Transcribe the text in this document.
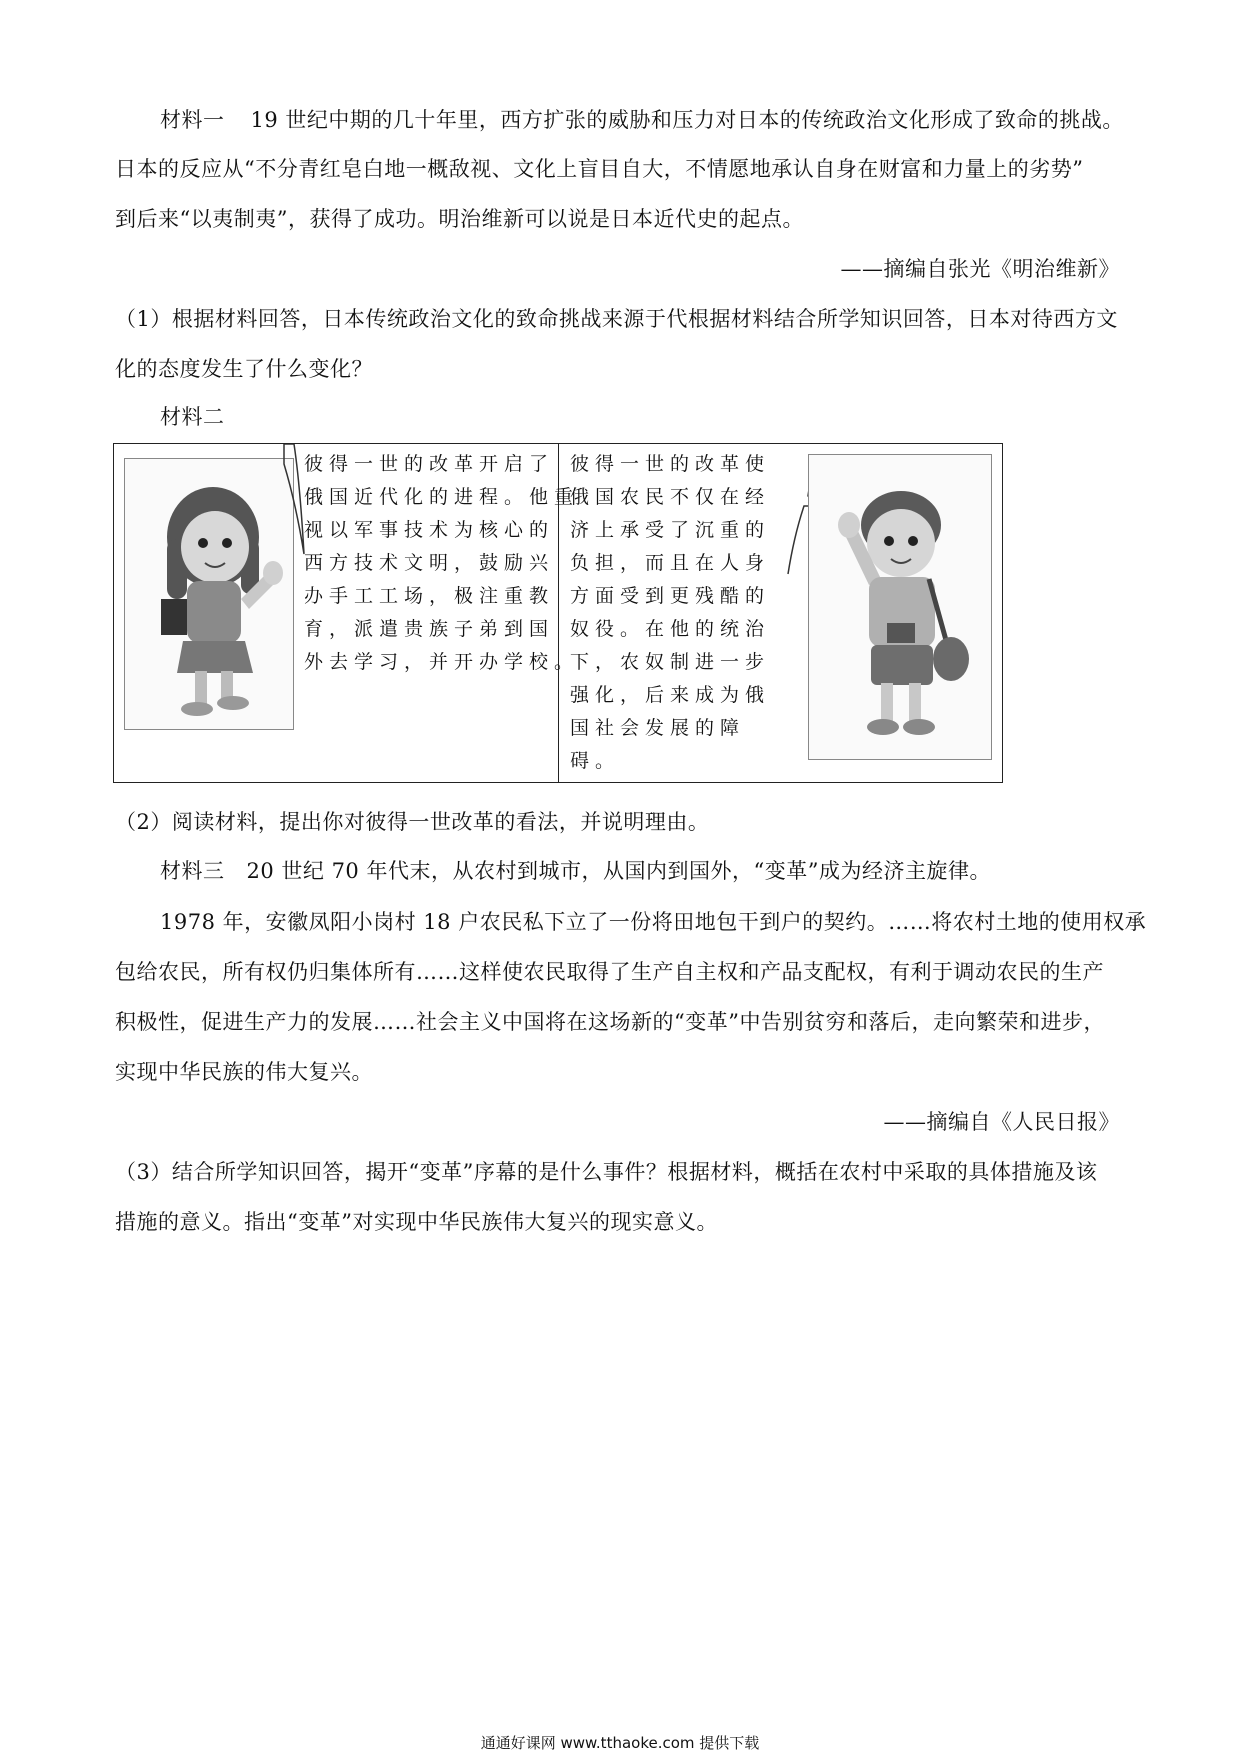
材料一 19 世纪中期的几十年里，西方扩张的威胁和压力对日本的传统政治文化形成了致命的挑战。
日本的反应从“不分青红皂白地一概敌视、文化上盲目自大，不情愿地承认自身在财富和力量上的劣势”
到后来“以夷制夷”，获得了成功。明治维新可以说是日本近代史的起点。
——摘编自张光《明治维新》
（1）根据材料回答，日本传统政治文化的致命挑战来源于代根据材料结合所学知识回答，日本对待西方文
化的态度发生了什么变化？
材料二
彼得一世的改革开启了
俄国近代化的进程。他重
视以军事技术为核心的
西方技术文明，鼓励兴
办手工工场，极注重教
育，派遣贵族子弟到国
外去学习，并开办学校。
彼得一世的改革使
俄国农民不仅在经
济上承受了沉重的
负担，而且在人身
方面受到更残酷的
奴役。在他的统治
下，农奴制进一步
强化，后来成为俄
国社会发展的障
碍。
（2）阅读材料，提出你对彼得一世改革的看法，并说明理由。
材料三 20 世纪 70 年代末，从农村到城市，从国内到国外，“变革”成为经济主旋律。
1978 年，安徽凤阳小岗村 18 户农民私下立了一份将田地包干到户的契约。……将农村土地的使用权承
包给农民，所有权仍归集体所有……这样使农民取得了生产自主权和产品支配权，有利于调动农民的生产
积极性，促进生产力的发展……社会主义中国将在这场新的“变革”中告别贫穷和落后，走向繁荣和进步，
实现中华民族的伟大复兴。
——摘编自《人民日报》
（3）结合所学知识回答，揭开“变革”序幕的是什么事件？根据材料，概括在农村中采取的具体措施及该
措施的意义。指出“变革”对实现中华民族伟大复兴的现实意义。
通通好课网 www.tthaoke.com 提供下载
